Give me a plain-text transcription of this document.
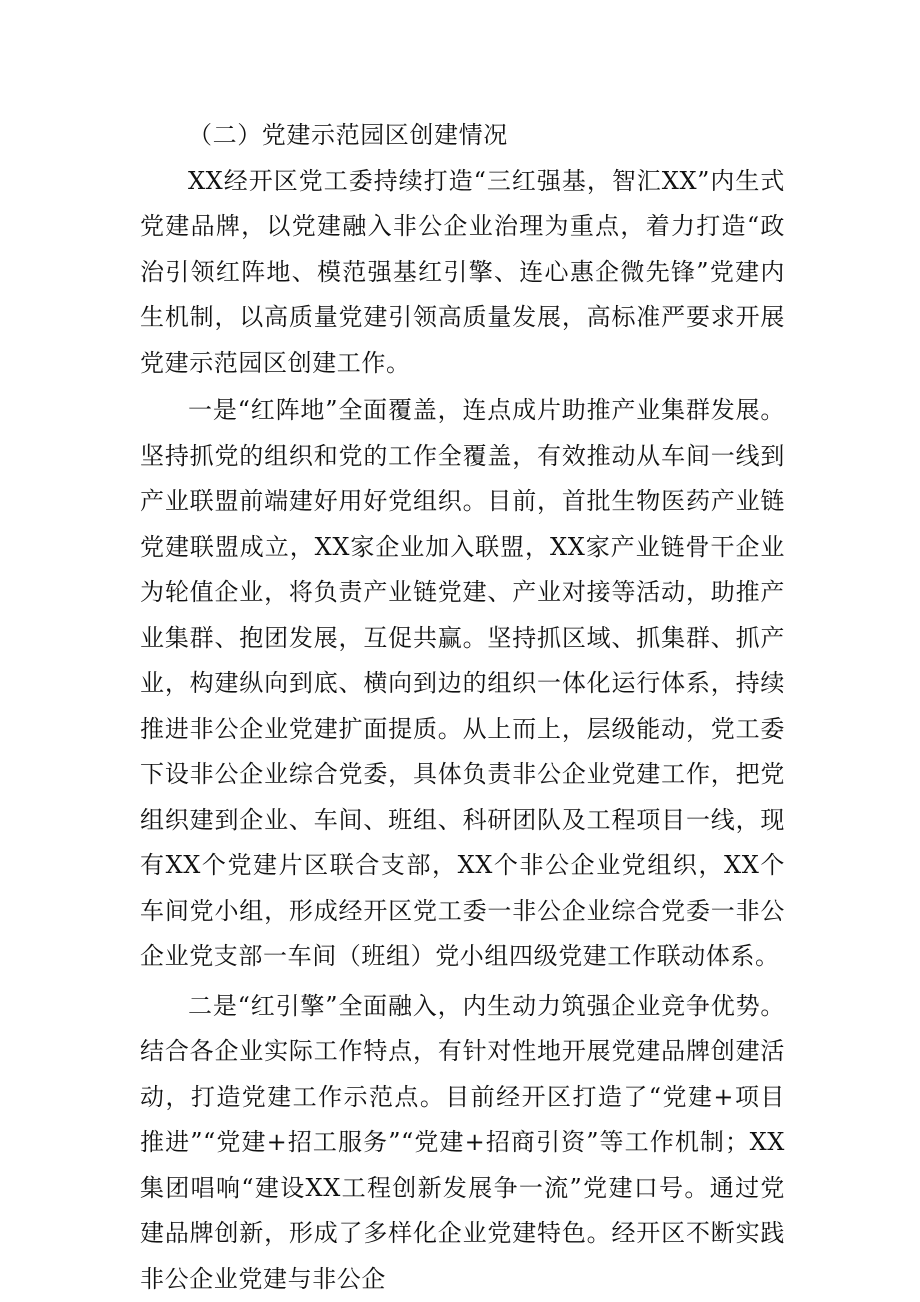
（二）党建示范园区创建情况

XX经开区党工委持续打造“三红强基，智汇XX”内生式党建品牌，以党建融入非公企业治理为重点，着力打造“政治引领红阵地、模范强基红引擎、连心惠企微先锋”党建内生机制，以高质量党建引领高质量发展，高标准严要求开展党建示范园区创建工作。

一是“红阵地”全面覆盖，连点成片助推产业集群发展。坚持抓党的组织和党的工作全覆盖，有效推动从车间一线到产业联盟前端建好用好党组织。目前，首批生物医药产业链党建联盟成立，XX家企业加入联盟，XX家产业链骨干企业为轮值企业，将负责产业链党建、产业对接等活动，助推产业集群、抱团发展，互促共赢。坚持抓区域、抓集群、抓产业，构建纵向到底、横向到边的组织一体化运行体系，持续推进非公企业党建扩面提质。从上而上，层级能动，党工委下设非公企业综合党委，具体负责非公企业党建工作，把党组织建到企业、车间、班组、科研团队及工程项目一线，现有XX个党建片区联合支部，XX个非公企业党组织，XX个车间党小组，形成经开区党工委一非公企业综合党委一非公企业党支部一车间（班组）党小组四级党建工作联动体系。

二是“红引擎”全面融入，内生动力筑强企业竞争优势。结合各企业实际工作特点，有针对性地开展党建品牌创建活动，打造党建工作示范点。目前经开区打造了“党建+项目推进”“党建+招工服务”“党建+招商引资”等工作机制；XX集团唱响“建设XX工程创新发展争一流”党建口号。通过党建品牌创新，形成了多样化企业党建特色。经开区不断实践非公企业党建与非公企
